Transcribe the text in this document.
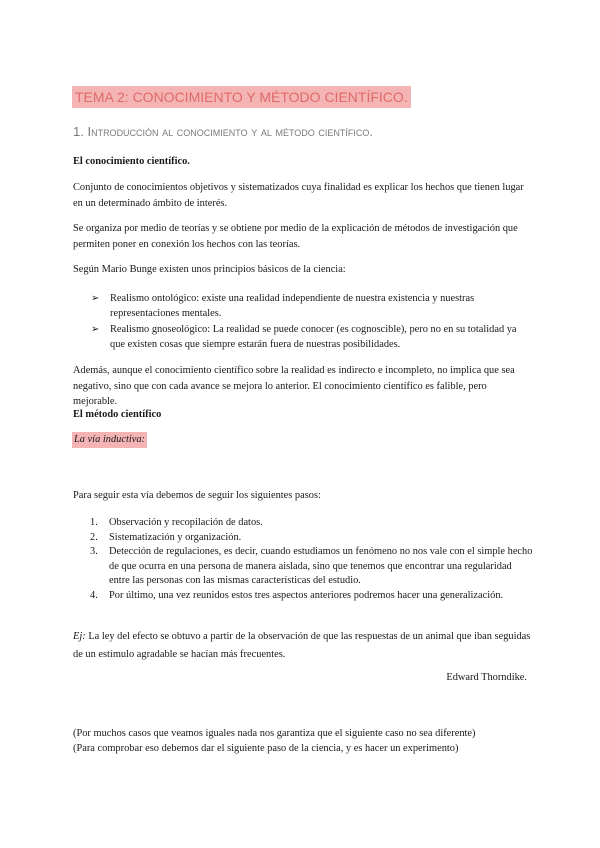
TEMA 2: CONOCIMIENTO Y MÉTODO CIENTÍFICO.
1. Introducción al conocimiento y al método científico.

El conocimiento científico.

Conjunto de conocimientos objetivos y sistematizados cuya finalidad es explicar los hechos que tienen lugar en un determinado ámbito de interés.

Se organiza por medio de teorías y se obtiene por medio de la explicación de métodos de investigación que permiten poner en conexión los hechos con las teorías.

Según Mario Bunge existen unos principios básicos de la ciencia:

➢ Realismo ontológico: existe una realidad independiente de nuestra existencia y nuestras representaciones mentales.
➢ Realismo gnoseológico: La realidad se puede conocer (es cognoscible), pero no en su totalidad ya que existen cosas que siempre estarán fuera de nuestras posibilidades.

Además, aunque el conocimiento científico sobre la realidad es indirecto e incompleto, no implica que sea negativo, sino que con cada avance se mejora lo anterior. El conocimiento científico es falible, pero mejorable.

El método científico

La vía inductiva:

Para seguir esta vía debemos de seguir los siguientes pasos:

1. Observación y recopilación de datos.
2. Sistematización y organización.
3. Detección de regulaciones, es decir, cuando estudiamos un fenómeno no nos vale con el simple hecho de que ocurra en una persona de manera aislada, sino que tenemos que encontrar una regularidad entre las personas con las mismas características del estudio.
4. Por último, una vez reunidos estos tres aspectos anteriores podremos hacer una generalización.

Ej: La ley del efecto se obtuvo a partir de la observación de que las respuestas de un animal que iban seguidas de un estímulo agradable se hacían más frecuentes.

Edward Thorndike.

(Por muchos casos que veamos iguales nada nos garantiza que el siguiente caso no sea diferente)

(Para comprobar eso debemos dar el siguiente paso de la ciencia, y es hacer un experimento)
